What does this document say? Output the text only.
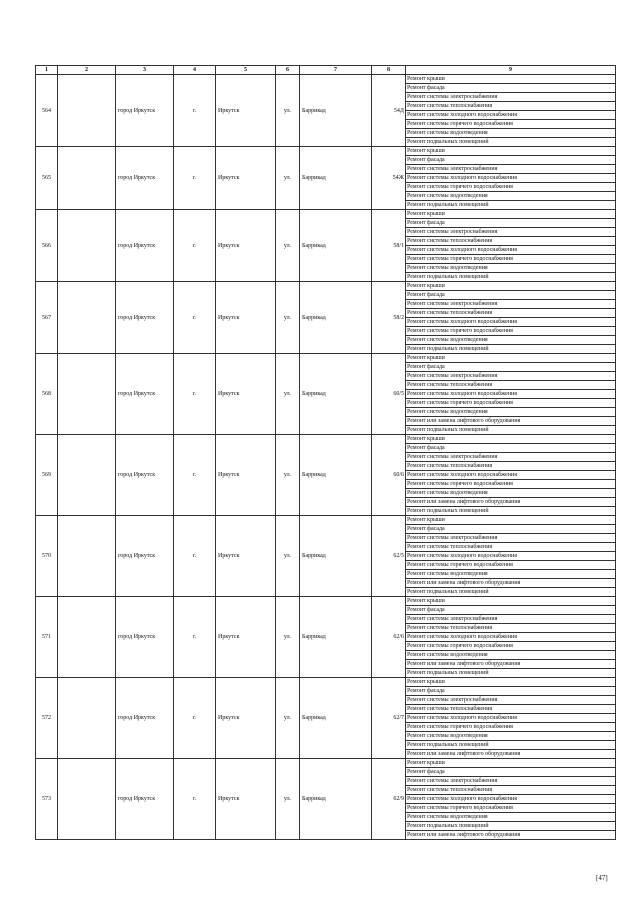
1	2	3	4	5	6	7	8	9
564		город Иркутск	г.	Иркутск	ул.	Баррикад	54Д	Ремонт крыши
								Ремонт фасада
								Ремонт системы электроснабжения
								Ремонт системы теплоснабжения
								Ремонт системы холодного водоснабжения
								Ремонт системы горячего водоснабжения
								Ремонт системы водоотведения
								Ремонт подвальных помещений
565		город Иркутск	г.	Иркутск	ул.	Баррикад	54Ж	Ремонт крыши
								Ремонт фасада
								Ремонт системы электроснабжения
								Ремонт системы холодного водоснабжения
								Ремонт системы горячего водоснабжения
								Ремонт системы водоотведения
								Ремонт подвальных помещений
566		город Иркутск	г.	Иркутск	ул.	Баррикад	58/1	Ремонт крыши
								Ремонт фасада
								Ремонт системы электроснабжения
								Ремонт системы теплоснабжения
								Ремонт системы холодного водоснабжения
								Ремонт системы горячего водоснабжения
								Ремонт системы водоотведения
								Ремонт подвальных помещений
567		город Иркутск	г.	Иркутск	ул.	Баррикад	58/2	Ремонт крыши
								Ремонт фасада
								Ремонт системы электроснабжения
								Ремонт системы теплоснабжения
								Ремонт системы холодного водоснабжения
								Ремонт системы горячего водоснабжения
								Ремонт системы водоотведения
								Ремонт подвальных помещений
568		город Иркутск	г.	Иркутск	ул.	Баррикад	60/5	Ремонт крыши
								Ремонт фасада
								Ремонт системы электроснабжения
								Ремонт системы теплоснабжения
								Ремонт системы холодного водоснабжения
								Ремонт системы горячего водоснабжения
								Ремонт системы водоотведения
								Ремонт или замена лифтового оборудования
								Ремонт подвальных помещений
569		город Иркутск	г.	Иркутск	ул.	Баррикад	60/6	Ремонт крыши
								Ремонт фасада
								Ремонт системы электроснабжения
								Ремонт системы теплоснабжения
								Ремонт системы холодного водоснабжения
								Ремонт системы горячего водоснабжения
								Ремонт системы водоотведения
								Ремонт или замена лифтового оборудования
								Ремонт подвальных помещений
570		город Иркутск	г.	Иркутск	ул.	Баррикад	62/5	Ремонт крыши
								Ремонт фасада
								Ремонт системы электроснабжения
								Ремонт системы теплоснабжения
								Ремонт системы холодного водоснабжения
								Ремонт системы горячего водоснабжения
								Ремонт системы водоотведения
								Ремонт или замена лифтового оборудования
								Ремонт подвальных помещений
571		город Иркутск	г.	Иркутск	ул.	Баррикад	62/6	Ремонт крыши
								Ремонт фасада
								Ремонт системы электроснабжения
								Ремонт системы теплоснабжения
								Ремонт системы холодного водоснабжения
								Ремонт системы горячего водоснабжения
								Ремонт системы водоотведения
								Ремонт или замена лифтового оборудования
								Ремонт подвальных помещений
572		город Иркутск	г.	Иркутск	ул.	Баррикад	62/7	Ремонт крыши
								Ремонт фасада
								Ремонт системы электроснабжения
								Ремонт системы теплоснабжения
								Ремонт системы холодного водоснабжения
								Ремонт системы горячего водоснабжения
								Ремонт системы водоотведения
								Ремонт подвальных помещений
								Ремонт или замена лифтового оборудования
573		город Иркутск	г.	Иркутск	ул.	Баррикад	62/9	Ремонт крыши
								Ремонт фасада
								Ремонт системы электроснабжения
								Ремонт системы теплоснабжения
								Ремонт системы холодного водоснабжения
								Ремонт системы горячего водоснабжения
								Ремонт системы водоотведения
								Ремонт подвальных помещений
								Ремонт или замена лифтового оборудования
[47]
